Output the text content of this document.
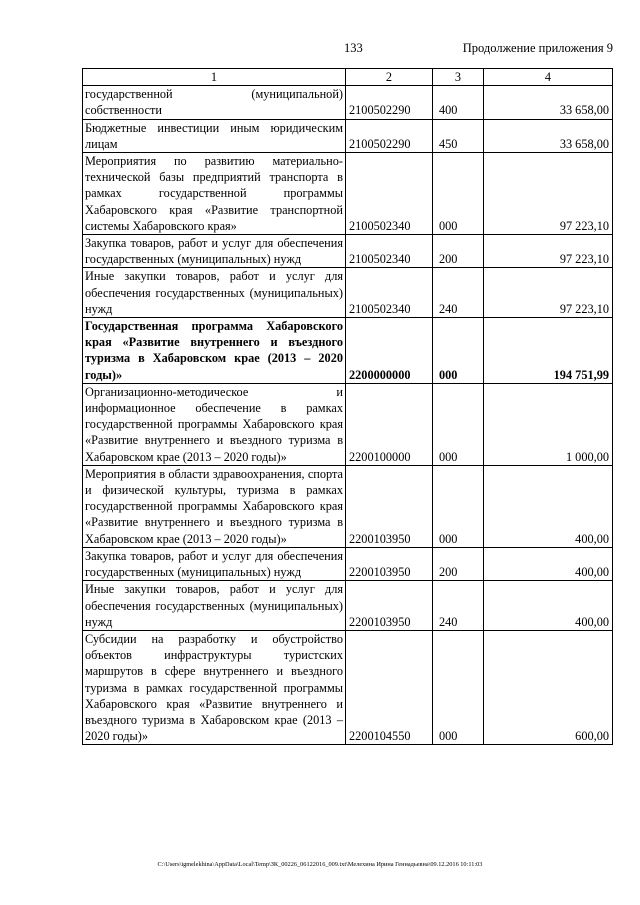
133	Продолжение приложения 9
1	2	3	4
государственной (муниципальной) собственности	2100502290	400	33 658,00
Бюджетные инвестиции иным юридическим лицам	2100502290	450	33 658,00
Мероприятия по развитию материально-технической базы предприятий транспорта в рамках государственной программы Хабаровского края «Развитие транспортной системы Хабаровского края»	2100502340	000	97 223,10
Закупка товаров, работ и услуг для обеспечения государственных (муниципальных) нужд	2100502340	200	97 223,10
Иные закупки товаров, работ и услуг для обеспечения государственных (муниципальных) нужд	2100502340	240	97 223,10
Государственная программа Хабаровского края «Развитие внутреннего и въездного туризма в Хабаровском крае (2013 – 2020 годы)»	2200000000	000	194 751,99
Организационно-методическое и информационное обеспечение в рамках государственной программы Хабаровского края «Развитие внутреннего и въездного туризма в Хабаровском крае (2013 – 2020 годы)»	2200100000	000	1 000,00
Мероприятия в области здравоохранения, спорта и физической культуры, туризма в рамках государственной программы Хабаровского края «Развитие внутреннего и въездного туризма в Хабаровском крае (2013 – 2020 годы)»	2200103950	000	400,00
Закупка товаров, работ и услуг для обеспечения государственных (муниципальных) нужд	2200103950	200	400,00
Иные закупки товаров, работ и услуг для обеспечения государственных (муниципальных) нужд	2200103950	240	400,00
Субсидии на разработку и обустройство объектов инфраструктуры туристских маршрутов в сфере внутреннего и въездного туризма в рамках государственной программы Хабаровского края «Развитие внутреннего и въездного туризма в Хабаровском крае (2013 – 2020 годы)»	2200104550	000	600,00
C:\Users\igmelekhina\AppData\Local\Temp\ЗК_00226_06122016_009.txt\Мелехина Ирина Геннадьевна\09.12.2016 10:11:03
